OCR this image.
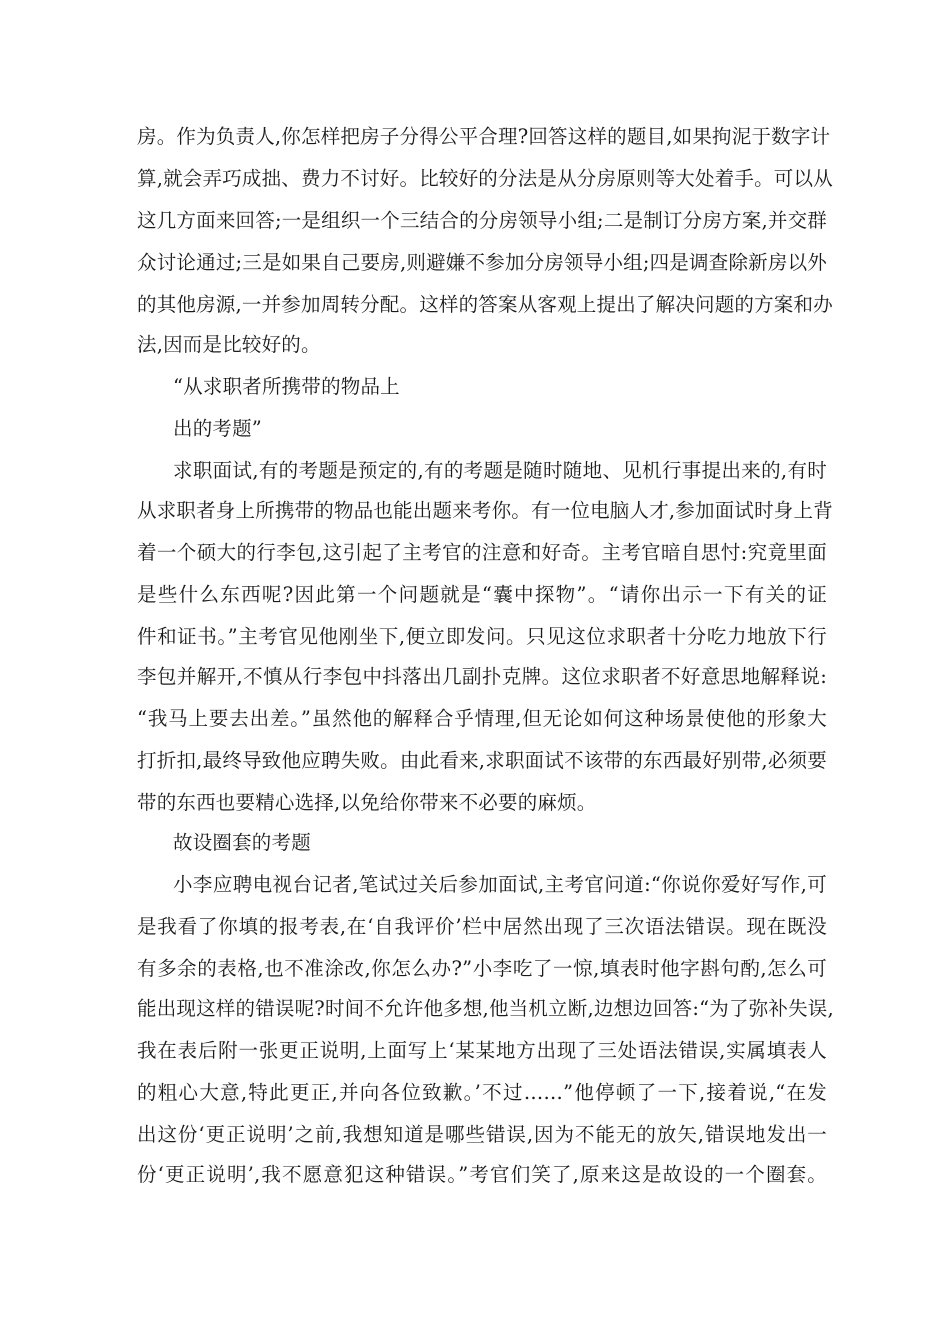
房。作为负责人,你怎样把房子分得公平合理?回答这样的题目,如果拘泥于数字计
算,就会弄巧成拙、费力不讨好。比较好的分法是从分房原则等大处着手。可以从
这几方面来回答;一是组织一个三结合的分房领导小组;二是制订分房方案,并交群
众讨论通过;三是如果自己要房,则避嫌不参加分房领导小组;四是调查除新房以外
的其他房源,一并参加周转分配。这样的答案从客观上提出了解决问题的方案和办
法,因而是比较好的。
“从求职者所携带的物品上
出的考题”
求职面试,有的考题是预定的,有的考题是随时随地、见机行事提出来的,有时
从求职者身上所携带的物品也能出题来考你。有一位电脑人才,参加面试时身上背
着一个硕大的行李包,这引起了主考官的注意和好奇。主考官暗自思忖:究竟里面
是些什么东西呢?因此第一个问题就是“囊中探物”。“请你出示一下有关的证
件和证书。”主考官见他刚坐下,便立即发问。只见这位求职者十分吃力地放下行
李包并解开,不慎从行李包中抖落出几副扑克牌。这位求职者不好意思地解释说:
“我马上要去出差。”虽然他的解释合乎情理,但无论如何这种场景使他的形象大
打折扣,最终导致他应聘失败。由此看来,求职面试不该带的东西最好别带,必须要
带的东西也要精心选择,以免给你带来不必要的麻烦。
故设圈套的考题
小李应聘电视台记者,笔试过关后参加面试,主考官问道:“你说你爱好写作,可
是我看了你填的报考表,在‘自我评价’栏中居然出现了三次语法错误。现在既没
有多余的表格,也不准涂改,你怎么办?”小李吃了一惊,填表时他字斟句酌,怎么可
能出现这样的错误呢?时间不允许他多想,他当机立断,边想边回答:“为了弥补失误,
我在表后附一张更正说明,上面写上‘某某地方出现了三处语法错误,实属填表人
的粗心大意,特此更正,并向各位致歉。’不过……”他停顿了一下,接着说,“在发
出这份‘更正说明’之前,我想知道是哪些错误,因为不能无的放矢,错误地发出一
份‘更正说明’,我不愿意犯这种错误。”考官们笑了,原来这是故设的一个圈套。
